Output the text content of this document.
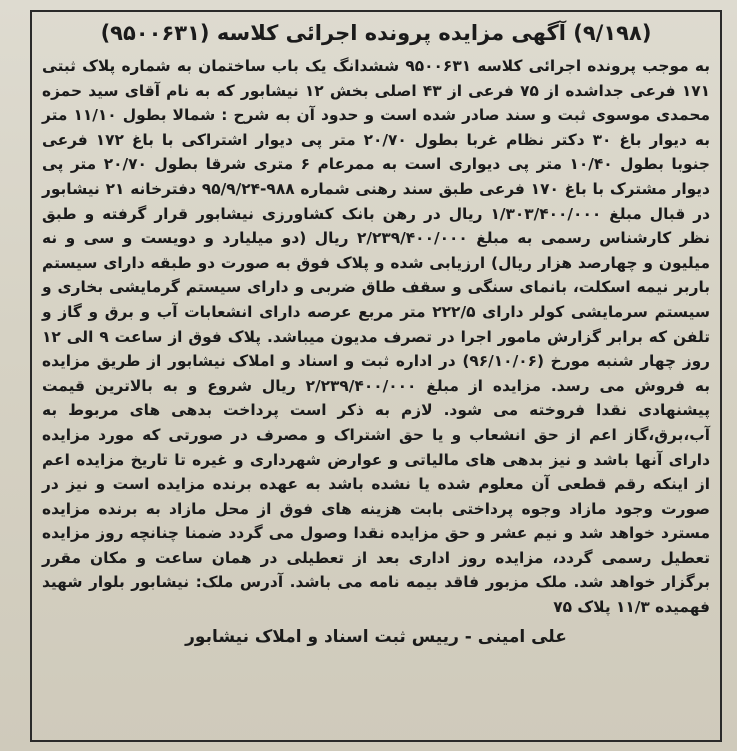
(۹/۱۹۸) آگهی مزایده پرونده اجرائی کلاسه (۹۵۰۰۶۳۱)

به موجب پرونده اجرائی کلاسه ۹۵۰۰۶۳۱ ششدانگ یک باب ساختمان به شماره پلاک ثبتی ۱۷۱ فرعی جداشده از ۷۵ فرعی از ۴۳ اصلی بخش ۱۲ نیشابور که به نام آقای سید حمزه محمدی موسوی ثبت و سند صادر شده است و حدود آن به شرح : شمالا بطول ۱۱/۱۰ متر به دیوار باغ ۳۰ دکتر نظام غربا بطول ۲۰/۷۰ متر پی دیوار اشتراکی با باغ ۱۷۲ فرعی جنوبا بطول ۱۰/۴۰ متر پی دیواری است به ممرعام ۶ متری شرقا بطول ۲۰/۷۰ متر پی دیوار مشترک با باغ ۱۷۰ فرعی طبق سند رهنی شماره ۹۸۸-۹۵/۹/۲۴ دفترخانه ۲۱ نیشابور در قبال مبلغ ۱/۳۰۳/۴۰۰/۰۰۰ ریال در رهن بانک کشاورزی نیشابور قرار گرفته و طبق نظر کارشناس رسمی به مبلغ ۲/۲۳۹/۴۰۰/۰۰۰ ریال (دو میلیارد و دویست و سی و نه میلیون و چهارصد هزار ریال) ارزیابی شده و پلاک فوق به صورت دو طبقه دارای سیستم باربر نیمه اسکلت، بانمای سنگی و سقف طاق ضربی و دارای سیستم گرمایشی بخاری و سیستم سرمایشی کولر دارای ۲۲۲/۵ متر مربع عرصه دارای انشعابات آب و برق و گاز و تلفن که برابر گزارش مامور اجرا در تصرف مدیون میباشد. پلاک فوق از ساعت ۹ الی ۱۲ روز چهار شنبه مورخ (۹۶/۱۰/۰۶) در اداره ثبت و اسناد و املاک نیشابور از طریق مزایده به فروش می رسد. مزایده از مبلغ ۲/۲۳۹/۴۰۰/۰۰۰ ریال شروع و به بالاترین قیمت پیشنهادی نقدا فروخته می شود. لازم به ذکر است پرداخت بدهی های مربوط به آب،برق،گاز اعم از حق انشعاب و یا حق اشتراک و مصرف در صورتی که مورد مزایده دارای آنها باشد و نیز بدهی های مالیاتی و عوارض شهرداری و غیره تا تاریخ مزایده اعم از اینکه رقم قطعی آن معلوم شده یا نشده باشد به عهده برنده مزایده است و نیز در صورت وجود مازاد وجوه پرداختی بابت هزینه های فوق از محل مازاد به برنده مزایده مسترد خواهد شد و نیم عشر و حق مزایده نقدا وصول می گردد ضمنا چنانچه روز مزایده تعطیل رسمی گردد، مزایده روز اداری بعد از تعطیلی در همان ساعت و مکان مقرر برگزار خواهد شد. ملک مزبور فاقد بیمه نامه می باشد. آدرس ملک: نیشابور بلوار شهید فهمیده ۱۱/۳ پلاک ۷۵

علی امینی - رییس ثبت اسناد و املاک نیشابور
